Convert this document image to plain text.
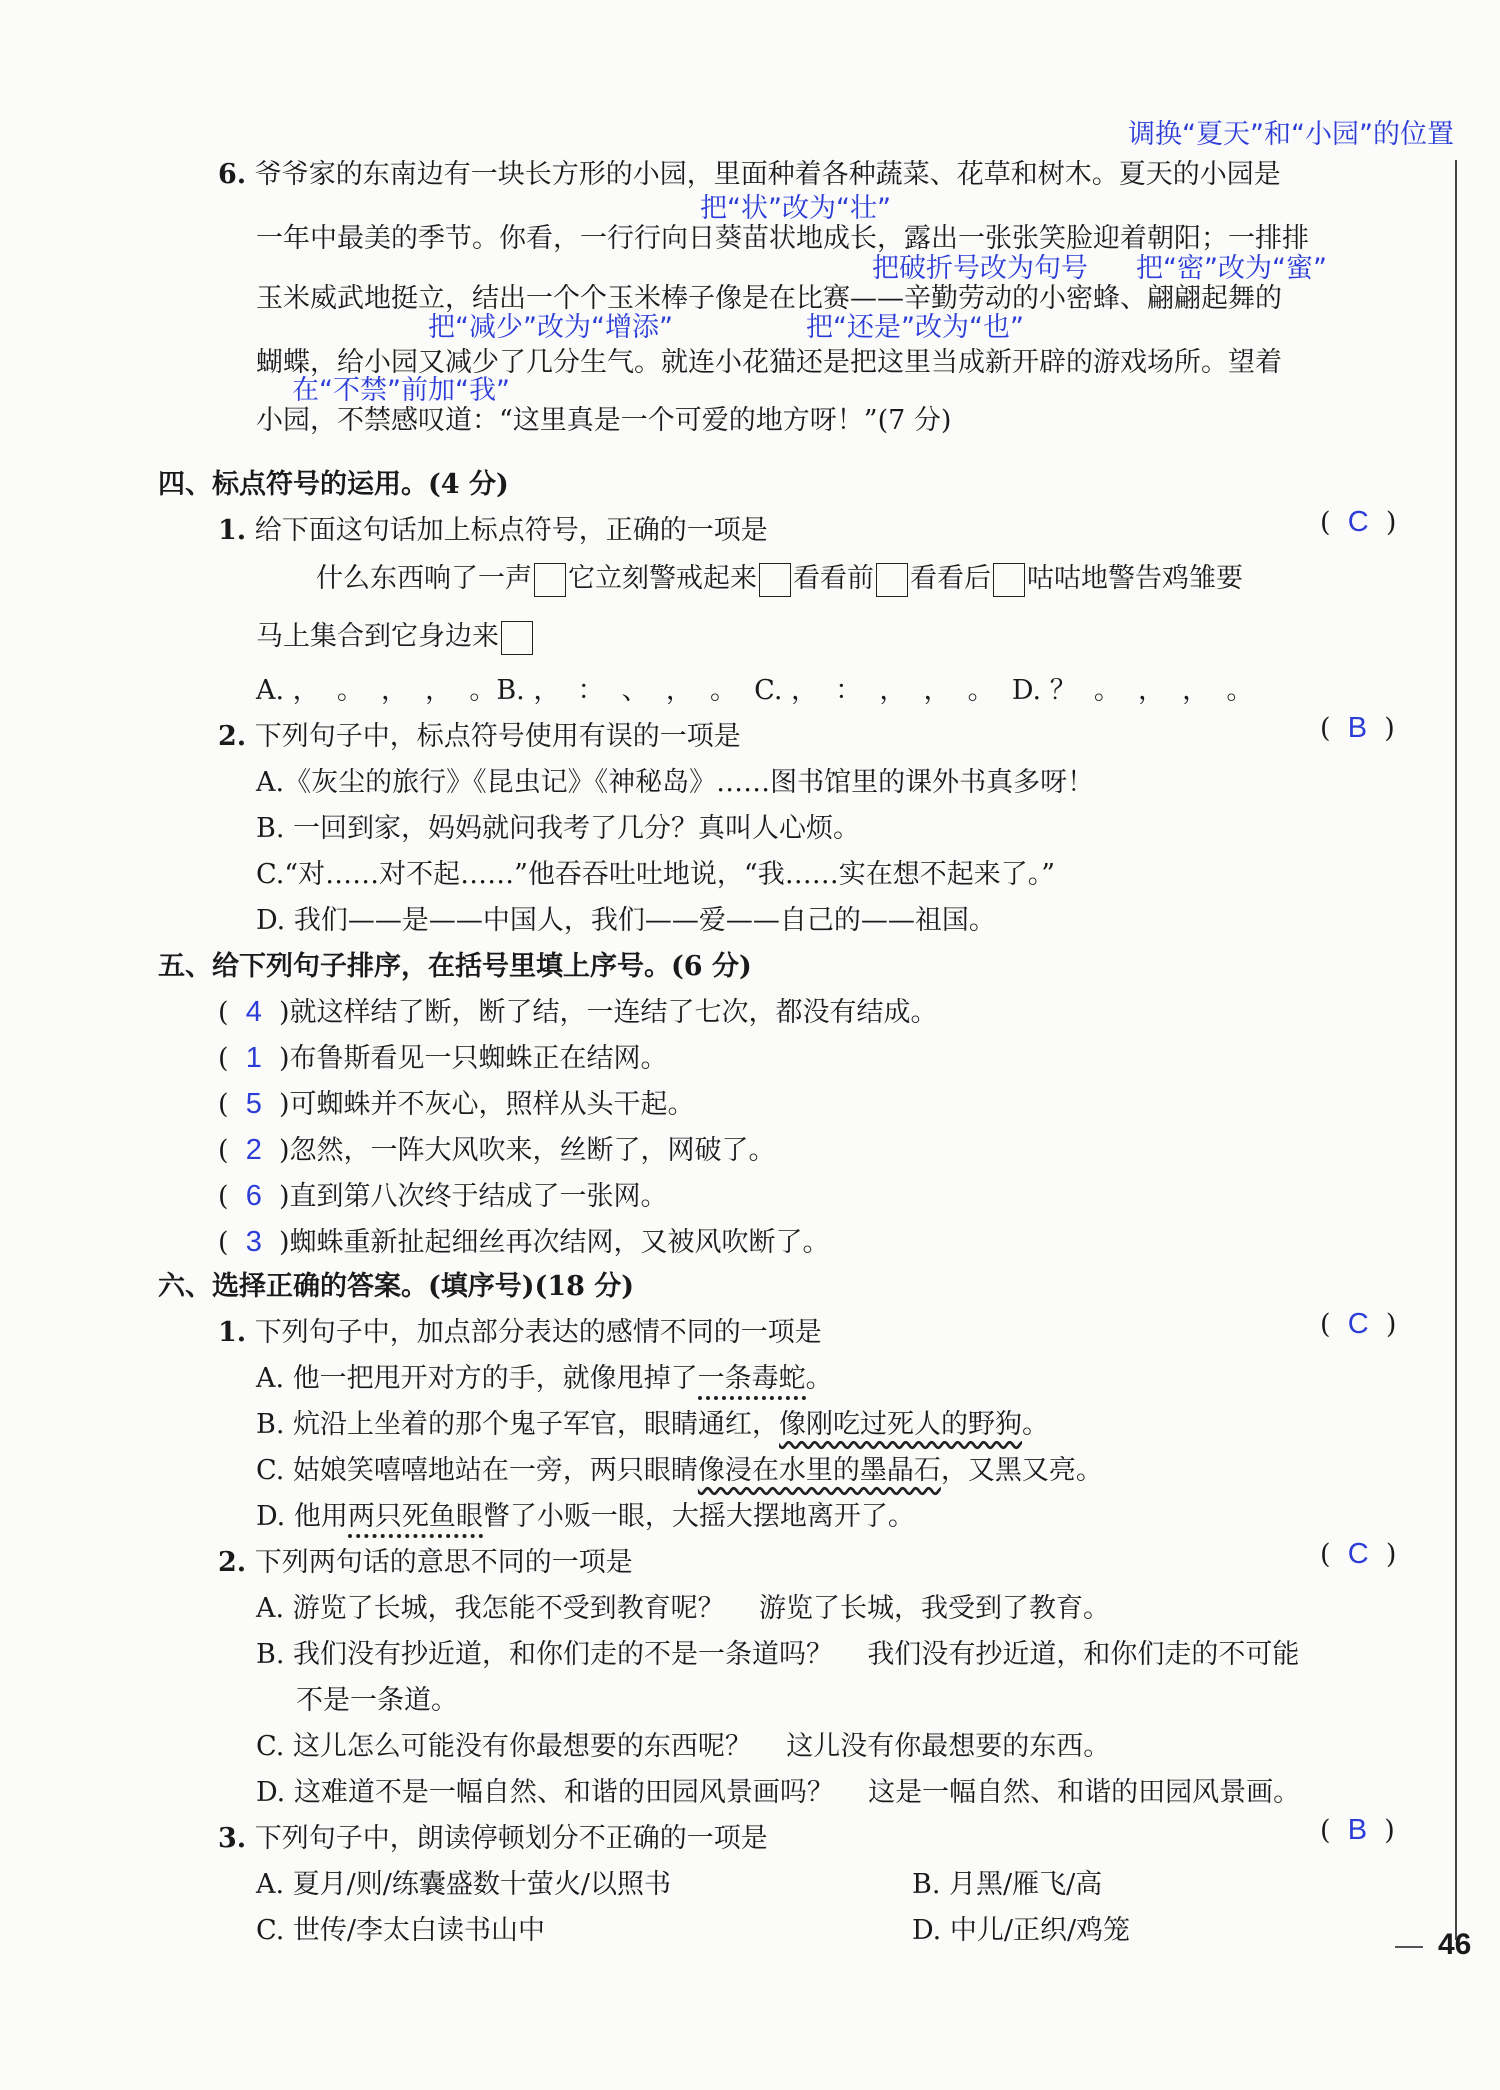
调换“夏天”和“小园”的位置
6. 爷爷家的东南边有一块长方形的小园，里面种着各种蔬菜、花草和树木。夏天的小园是
把“状”改为“壮”
一年中最美的季节。你看，一行行向日葵苗状地成长，露出一张张笑脸迎着朝阳；一排排
把破折号改为句号 把“密”改为“蜜”
玉米威武地挺立，结出一个个玉米棒子像是在比赛——辛勤劳动的小密蜂、翩翩起舞的
把“减少”改为“增添”	把“还是”改为“也”
蝴蝶，给小园又减少了几分生气。就连小花猫还是把这里当成新开辟的游戏场所。望着
在“不禁”前加“我”
小园，不禁感叹道：“这里真是一个可爱的地方呀！”(7 分)
四、标点符号的运用。(4 分)
1. 给下面这句话加上标点符号，正确的一项是	(  C  )
什么东西响了一声 它立刻警戒起来 看看前 看看后 咕咕地警告鸡雏要
马上集合到它身边来
A. ，  。  ，  ，  。B. ，  ：  、  ，  。  C. ，  ：  ，  ，  。  D. ？  。  ，  ，  。
2. 下列句子中，标点符号使用有误的一项是	(  B  )
A.《灰尘的旅行》《昆虫记》《神秘岛》……图书馆里的课外书真多呀！
B. 一回到家，妈妈就问我考了几分？真叫人心烦。
C.“对……对不起……”他吞吞吐吐地说，“我……实在想不起来了。”
D. 我们——是——中国人，我们——爱——自己的——祖国。
五、给下列句子排序，在括号里填上序号。(6 分)
(  4  )就这样结了断，断了结，一连结了七次，都没有结成。
(  1  )布鲁斯看见一只蜘蛛正在结网。
(  5  )可蜘蛛并不灰心，照样从头干起。
(  2  )忽然，一阵大风吹来，丝断了，网破了。
(  6  )直到第八次终于结成了一张网。
(  3  )蜘蛛重新扯起细丝再次结网，又被风吹断了。
六、选择正确的答案。(填序号)(18 分)
1. 下列句子中，加点部分表达的感情不同的一项是	(  C  )
A. 他一把甩开对方的手，就像甩掉了一条毒蛇。
B. 炕沿上坐着的那个鬼子军官，眼睛通红，像刚吃过死人的野狗。
C. 姑娘笑嘻嘻地站在一旁，两只眼睛像浸在水里的墨晶石，又黑又亮。
D. 他用两只死鱼眼瞥了小贩一眼，大摇大摆地离开了。
2. 下列两句话的意思不同的一项是	(  C  )
A. 游览了长城，我怎能不受到教育呢？    游览了长城，我受到了教育。
B. 我们没有抄近道，和你们走的不是一条道吗？    我们没有抄近道，和你们走的不可能
不是一条道。
C. 这儿怎么可能没有你最想要的东西呢？    这儿没有你最想要的东西。
D. 这难道不是一幅自然、和谐的田园风景画吗？    这是一幅自然、和谐的田园风景画。
3. 下列句子中，朗读停顿划分不正确的一项是	(  B  )
A. 夏月/则/练囊盛数十萤火/以照书	B. 月黑/雁飞/高
C. 世传/李太白读书山中	D. 中儿/正织/鸡笼	46
